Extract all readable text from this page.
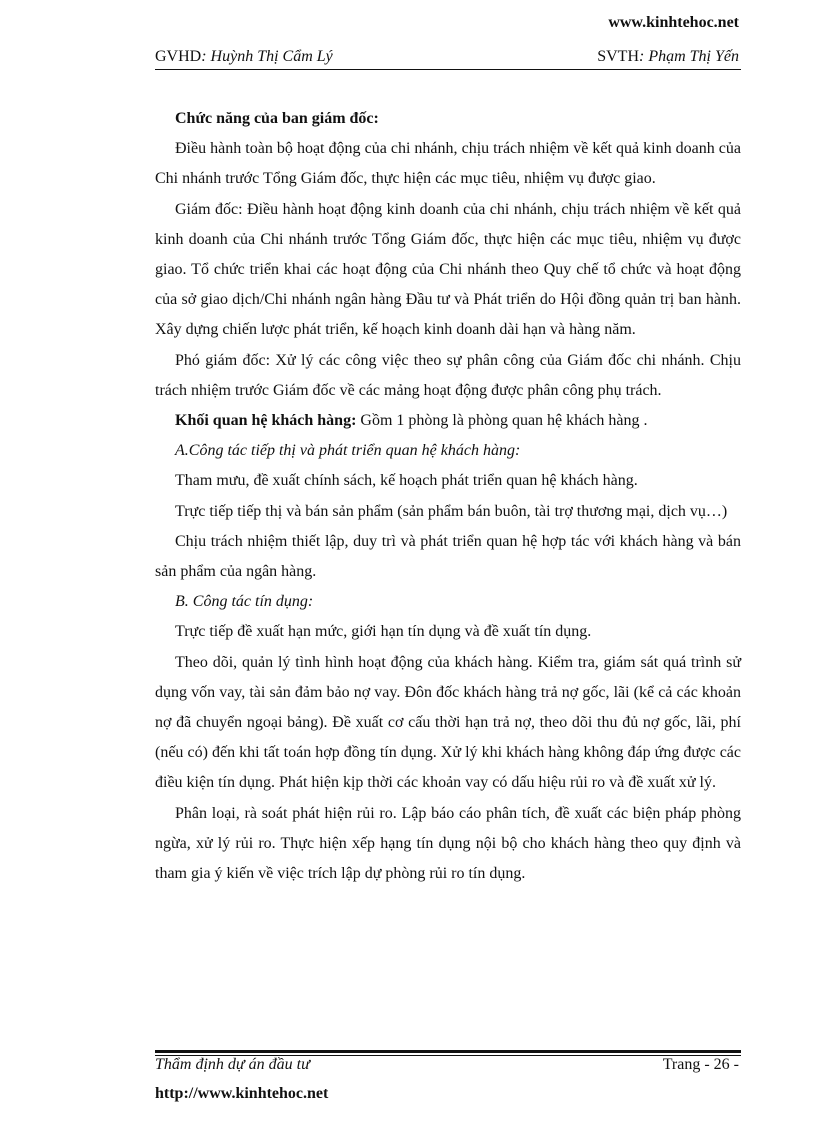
www.kinhtehoc.net
GVHD: Huỳnh Thị Cẩm Lý	SVTH: Phạm Thị Yến

Chức năng của ban giám đốc:

Điều hành toàn bộ hoạt động của chi nhánh, chịu trách nhiệm về kết quả kinh doanh của Chi nhánh trước Tổng Giám đốc, thực hiện các mục tiêu, nhiệm vụ được giao.

Giám đốc: Điều hành hoạt động kinh doanh của chi nhánh, chịu trách nhiệm về kết quả kinh doanh của Chi nhánh trước Tổng Giám đốc, thực hiện các mục tiêu, nhiệm vụ được giao. Tổ chức triển khai các hoạt động của Chi nhánh theo Quy chế tổ chức và hoạt động của sở giao dịch/Chi nhánh ngân hàng Đầu tư và Phát triển do Hội đồng quản trị ban hành. Xây dựng chiến lược phát triển, kế hoạch kinh doanh dài hạn và hàng năm.

Phó giám đốc: Xử lý các công việc theo sự phân công của Giám đốc chi nhánh. Chịu trách nhiệm trước Giám đốc về các mảng hoạt động được phân công phụ trách.

Khối quan hệ khách hàng: Gồm 1 phòng là phòng quan hệ khách hàng .

A.Công tác tiếp thị và phát triển quan hệ khách hàng:

Tham mưu, đề xuất chính sách, kế hoạch phát triển quan hệ khách hàng.

Trực tiếp tiếp thị và bán sản phẩm (sản phẩm bán buôn, tài trợ thương mại, dịch vụ…)

Chịu trách nhiệm thiết lập, duy trì và phát triển quan hệ hợp tác với khách hàng và bán sản phẩm của ngân hàng.

B. Công tác tín dụng:

Trực tiếp đề xuất hạn mức, giới hạn tín dụng và đề xuất tín dụng.

Theo dõi, quản lý tình hình hoạt động của khách hàng. Kiểm tra, giám sát quá trình sử dụng vốn vay, tài sản đảm bảo nợ vay. Đôn đốc khách hàng trả nợ gốc, lãi (kể cả các khoản nợ đã chuyển ngoại bảng). Đề xuất cơ cấu thời hạn trả nợ, theo dõi thu đủ nợ gốc, lãi, phí (nếu có) đến khi tất toán hợp đồng tín dụng. Xử lý khi khách hàng không đáp ứng được các điều kiện tín dụng. Phát hiện kịp thời các khoản vay có dấu hiệu rủi ro và đề xuất xử lý.

Phân loại, rà soát phát hiện rủi ro. Lập báo cáo phân tích, đề xuất các biện pháp phòng ngừa, xử lý rủi ro. Thực hiện xếp hạng tín dụng nội bộ cho khách hàng theo quy định và tham gia ý kiến về việc trích lập dự phòng rủi ro tín dụng.

Thẩm định dự án đầu tư	Trang - 26 -
http://www.kinhtehoc.net
